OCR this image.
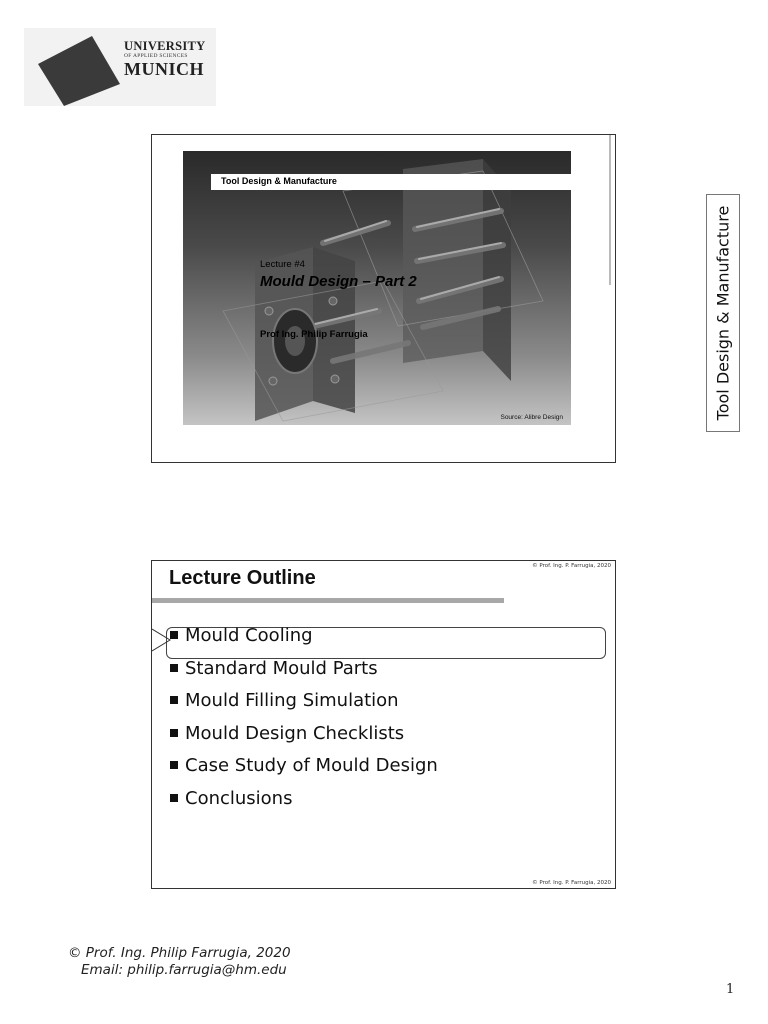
UNIVERSITY
OF APPLIED SCIENCES
MUNICH
Tool Design & Manufacture
Tool Design & Manufacture
Lecture #4
Mould Design – Part 2
Prof Ing. Philip Farrugia
Source: Alibre Design
© Prof. Ing. P. Farrugia, 2020
Lecture Outline
Mould Cooling
Standard Mould Parts
Mould Filling Simulation
Mould Design Checklists
Case Study of Mould Design
Conclusions
© Prof. Ing. P. Farrugia, 2020
© Prof. Ing. Philip Farrugia, 2020
Email: philip.farrugia@hm.edu
1
